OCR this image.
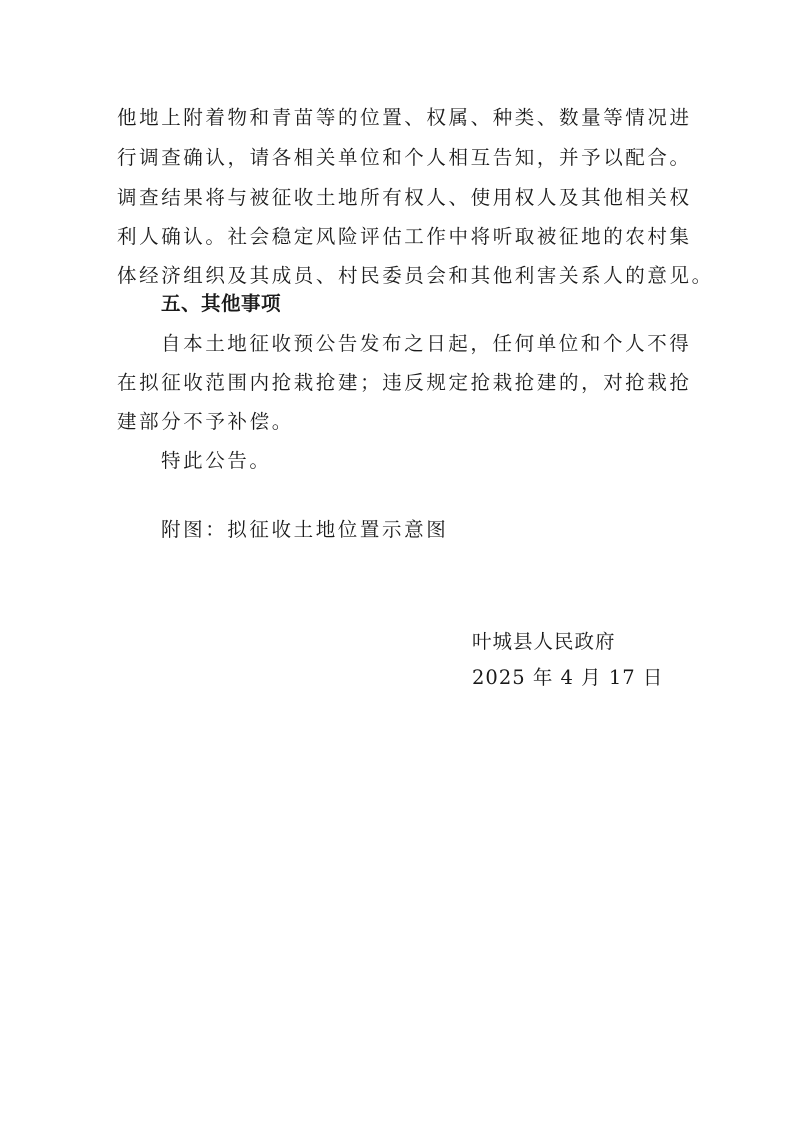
他地上附着物和青苗等的位置、权属、种类、数量等情况进
行调查确认，请各相关单位和个人相互告知，并予以配合。
调查结果将与被征收土地所有权人、使用权人及其他相关权
利人确认。社会稳定风险评估工作中将听取被征地的农村集
体经济组织及其成员、村民委员会和其他利害关系人的意见。
五、其他事项
自本土地征收预公告发布之日起，任何单位和个人不得
在拟征收范围内抢栽抢建；违反规定抢栽抢建的，对抢栽抢
建部分不予补偿。
特此公告。
附图：拟征收土地位置示意图
叶城县人民政府
2025 年 4 月 17 日
